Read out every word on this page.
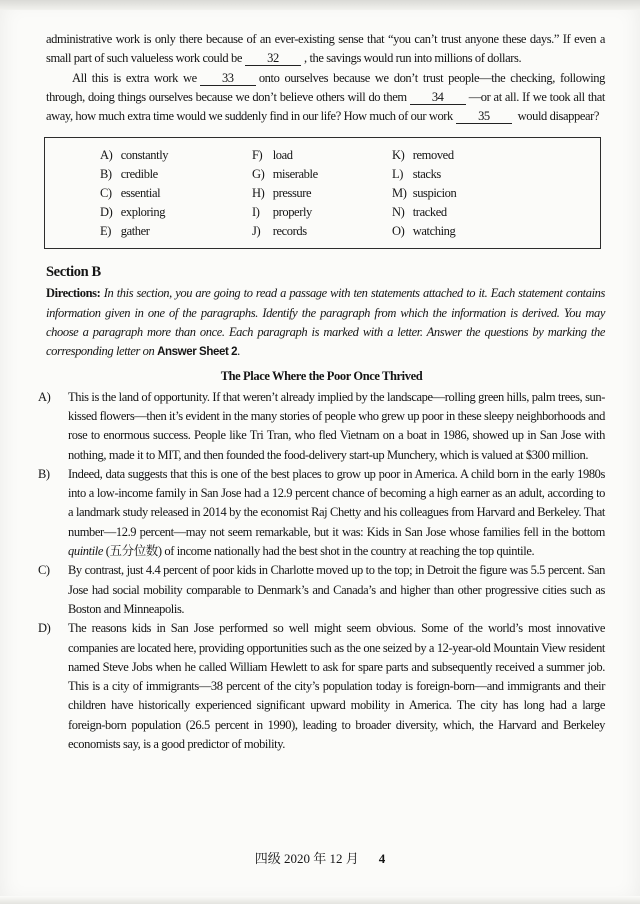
administrative work is only there because of an ever-existing sense that “you can’t trust anyone these days.” If even a small part of such valueless work could be 32 , the savings would run into millions of dollars.

All this is extra work we 33 onto ourselves because we don’t trust people—the checking, following through, doing things ourselves because we don’t believe others will do them 34 —or at all. If we took all that away, how much extra time would we suddenly find in our life? How much of our work 35 would disappear?

A) constantly
B) credible
C) essential
D) exploring
E) gather
F) load
G) miserable
H) pressure
I) properly
J) records
K) removed
L) stacks
M) suspicion
N) tracked
O) watching
Section B

Directions: In this section, you are going to read a passage with ten statements attached to it. Each statement contains information given in one of the paragraphs. Identify the paragraph from which the information is derived. You may choose a paragraph more than once. Each paragraph is marked with a letter. Answer the questions by marking the corresponding letter on Answer Sheet 2.

The Place Where the Poor Once Thrived

A) This is the land of opportunity. If that weren’t already implied by the landscape—rolling green hills, palm trees, sun-kissed flowers—then it’s evident in the many stories of people who grew up poor in these sleepy neighborhoods and rose to enormous success. People like Tri Tran, who fled Vietnam on a boat in 1986, showed up in San Jose with nothing, made it to MIT, and then founded the food-delivery start-up Munchery, which is valued at $300 million.

B) Indeed, data suggests that this is one of the best places to grow up poor in America. A child born in the early 1980s into a low-income family in San Jose had a 12.9 percent chance of becoming a high earner as an adult, according to a landmark study released in 2014 by the economist Raj Chetty and his colleagues from Harvard and Berkeley. That number—12.9 percent—may not seem remarkable, but it was: Kids in San Jose whose families fell in the bottom quintile (五分位数) of income nationally had the best shot in the country at reaching the top quintile.

C) By contrast, just 4.4 percent of poor kids in Charlotte moved up to the top; in Detroit the figure was 5.5 percent. San Jose had social mobility comparable to Denmark’s and Canada’s and higher than other progressive cities such as Boston and Minneapolis.

D) The reasons kids in San Jose performed so well might seem obvious. Some of the world’s most innovative companies are located here, providing opportunities such as the one seized by a 12-year-old Mountain View resident named Steve Jobs when he called William Hewlett to ask for spare parts and subsequently received a summer job. This is a city of immigrants—38 percent of the city’s population today is foreign-born—and immigrants and their children have historically experienced significant upward mobility in America. The city has long had a large foreign-born population (26.5 percent in 1990), leading to broader diversity, which, the Harvard and Berkeley economists say, is a good predictor of mobility.

四级 2020 年 12 月 4
